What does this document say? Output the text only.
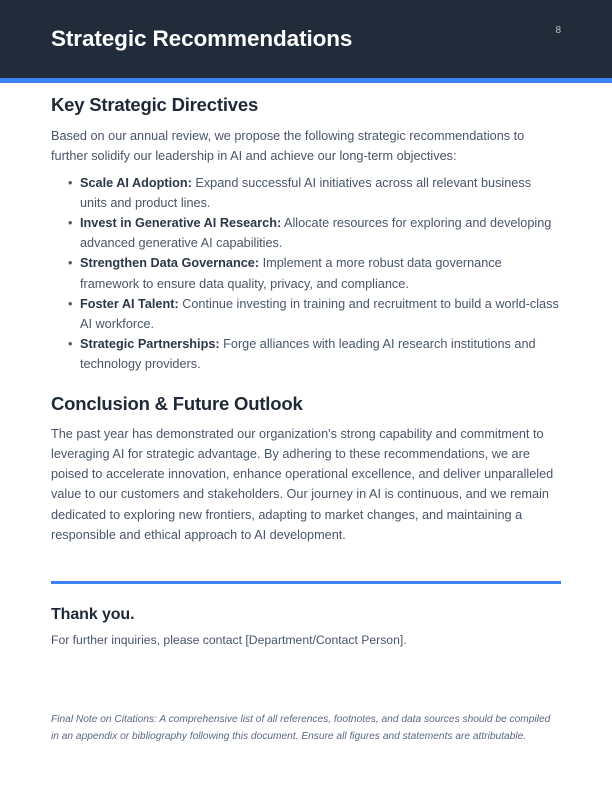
Strategic Recommendations	8
Key Strategic Directives

Based on our annual review, we propose the following strategic recommendations to further solidify our leadership in AI and achieve our long-term objectives:

• Scale AI Adoption: Expand successful AI initiatives across all relevant business units and product lines.
• Invest in Generative AI Research: Allocate resources for exploring and developing advanced generative AI capabilities.
• Strengthen Data Governance: Implement a more robust data governance framework to ensure data quality, privacy, and compliance.
• Foster AI Talent: Continue investing in training and recruitment to build a world-class AI workforce.
• Strategic Partnerships: Forge alliances with leading AI research institutions and technology providers.
Conclusion & Future Outlook

The past year has demonstrated our organization's strong capability and commitment to leveraging AI for strategic advantage. By adhering to these recommendations, we are poised to accelerate innovation, enhance operational excellence, and deliver unparalleled value to our customers and stakeholders. Our journey in AI is continuous, and we remain dedicated to exploring new frontiers, adapting to market changes, and maintaining a responsible and ethical approach to AI development.

Thank you.

For further inquiries, please contact [Department/Contact Person].

Final Note on Citations: A comprehensive list of all references, footnotes, and data sources should be compiled in an appendix or bibliography following this document. Ensure all figures and statements are attributable.
